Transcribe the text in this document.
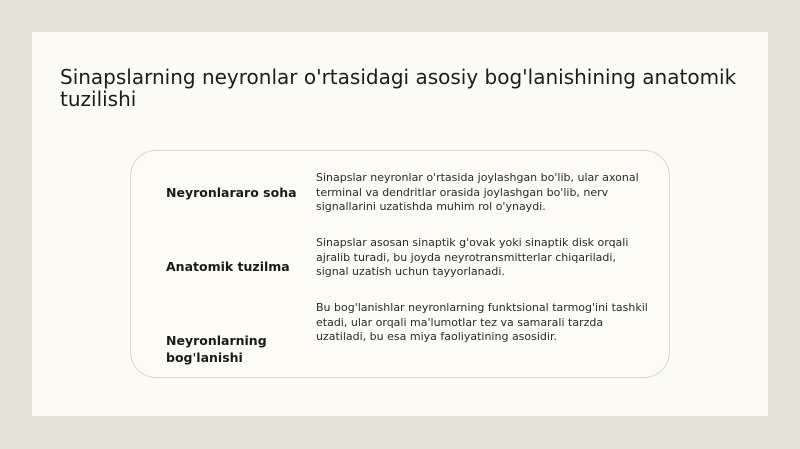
Sinapslarning neyronlar o'rtasidagi asosiy bog'lanishining anatomik tuzilishi
Neyronlararo soha
Sinapslar neyronlar o'rtasida joylashgan bo'lib, ular axonal terminal va dendritlar orasida joylashgan bo'lib, nerv signallarini uzatishda muhim rol o'ynaydi.
Anatomik tuzilma
Sinapslar asosan sinaptik g'ovak yoki sinaptik disk orqali ajralib turadi, bu joyda neyrotransmitterlar chiqariladi, signal uzatish uchun tayyorlanadi.
Neyronlarning bog'lanishi
Bu bog'lanishlar neyronlarning funktsional tarmog'ini tashkil etadi, ular orqali ma'lumotlar tez va samarali tarzda uzatiladi, bu esa miya faoliyatining asosidir.
